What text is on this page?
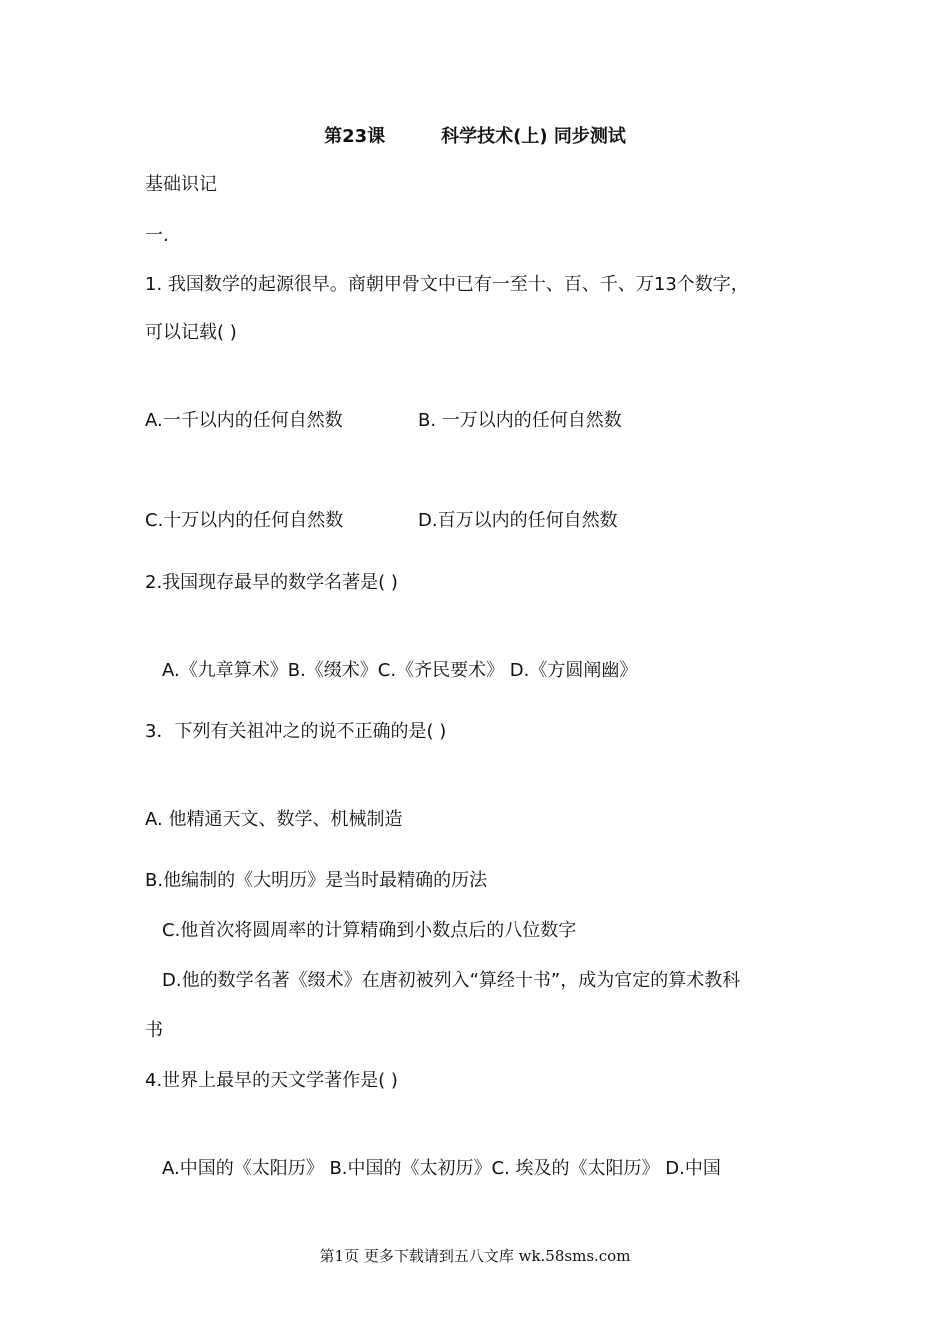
第23课	科学技术(上) 同步测试
基础识记
一.
1. 我国数学的起源很早。商朝甲骨文中已有一至十、百、千、万13个数字，
可以记载( )
A.一千以内的任何自然数	B. 一万以内的任何自然数
C.十万以内的任何自然数	D.百万以内的任何自然数
2.我国现存最早的数学名著是( )
A.《九章算术》B.《缀术》C.《齐民要术》 D.《方圆阐幽》
3．下列有关祖冲之的说不正确的是( )
A. 他精通天文、数学、机械制造
B.他编制的《大明历》是当时最精确的历法
C.他首次将圆周率的计算精确到小数点后的八位数字
D.他的数学名著《缀术》在唐初被列入“算经十书”，成为官定的算术教科
书
4.世界上最早的天文学著作是( )
A.中国的《太阳历》 B.中国的《太初历》C. 埃及的《太阳历》 D.中国
第1页 更多下载请到五八文库 wk.58sms.com
